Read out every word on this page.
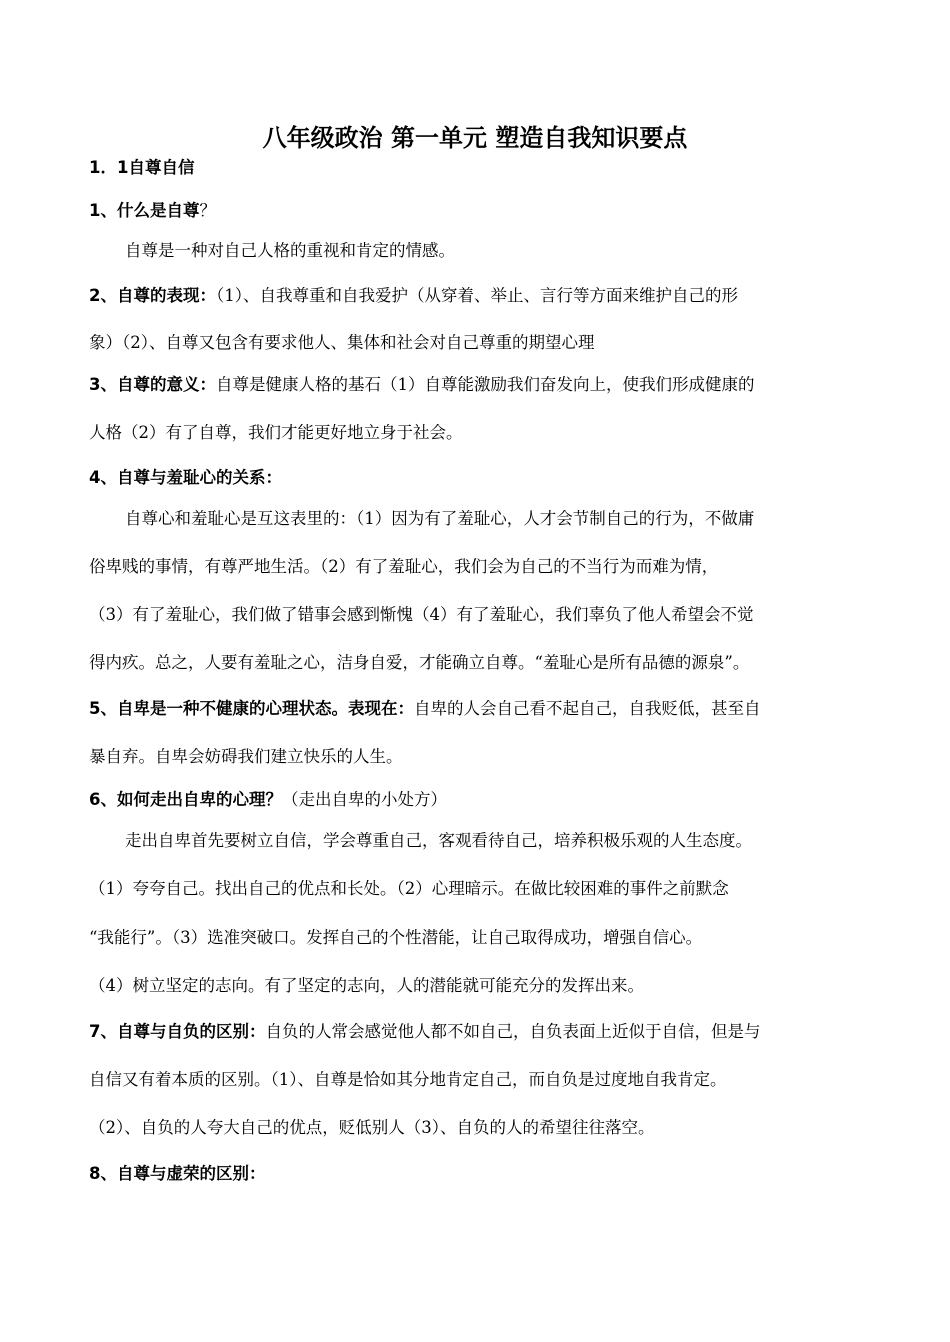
八年级政治 第一单元 塑造自我知识要点
1．1自尊自信
1、什么是自尊？
自尊是一种对自己人格的重视和肯定的情感。
2、自尊的表现：（1）、自我尊重和自我爱护（从穿着、举止、言行等方面来维护自己的形
象）（2）、自尊又包含有要求他人、集体和社会对自己尊重的期望心理
3、自尊的意义：自尊是健康人格的基石（1）自尊能激励我们奋发向上，使我们形成健康的
人格（2）有了自尊，我们才能更好地立身于社会。
4、自尊与羞耻心的关系：
自尊心和羞耻心是互这表里的：（1）因为有了羞耻心，人才会节制自己的行为，不做庸
俗卑贱的事情，有尊严地生活。（2）有了羞耻心，我们会为自己的不当行为而难为情，
（3）有了羞耻心，我们做了错事会感到惭愧（4）有了羞耻心，我们辜负了他人希望会不觉
得内疚。总之，人要有羞耻之心，洁身自爱，才能确立自尊。“羞耻心是所有品德的源泉”。
5、自卑是一种不健康的心理状态。表现在：自卑的人会自己看不起自己，自我贬低，甚至自
暴自弃。自卑会妨碍我们建立快乐的人生。
6、如何走出自卑的心理？（走出自卑的小处方）
走出自卑首先要树立自信，学会尊重自己，客观看待自己，培养积极乐观的人生态度。
（1）夸夸自己。找出自己的优点和长处。（2）心理暗示。在做比较困难的事件之前默念
“我能行”。（3）选准突破口。发挥自己的个性潜能，让自己取得成功，增强自信心。
（4）树立坚定的志向。有了坚定的志向，人的潜能就可能充分的发挥出来。
7、自尊与自负的区别：自负的人常会感觉他人都不如自己，自负表面上近似于自信，但是与
自信又有着本质的区别。（1）、自尊是恰如其分地肯定自己，而自负是过度地自我肯定。
（2）、自负的人夸大自己的优点，贬低别人（3）、自负的人的希望往往落空。
8、自尊与虚荣的区别：
